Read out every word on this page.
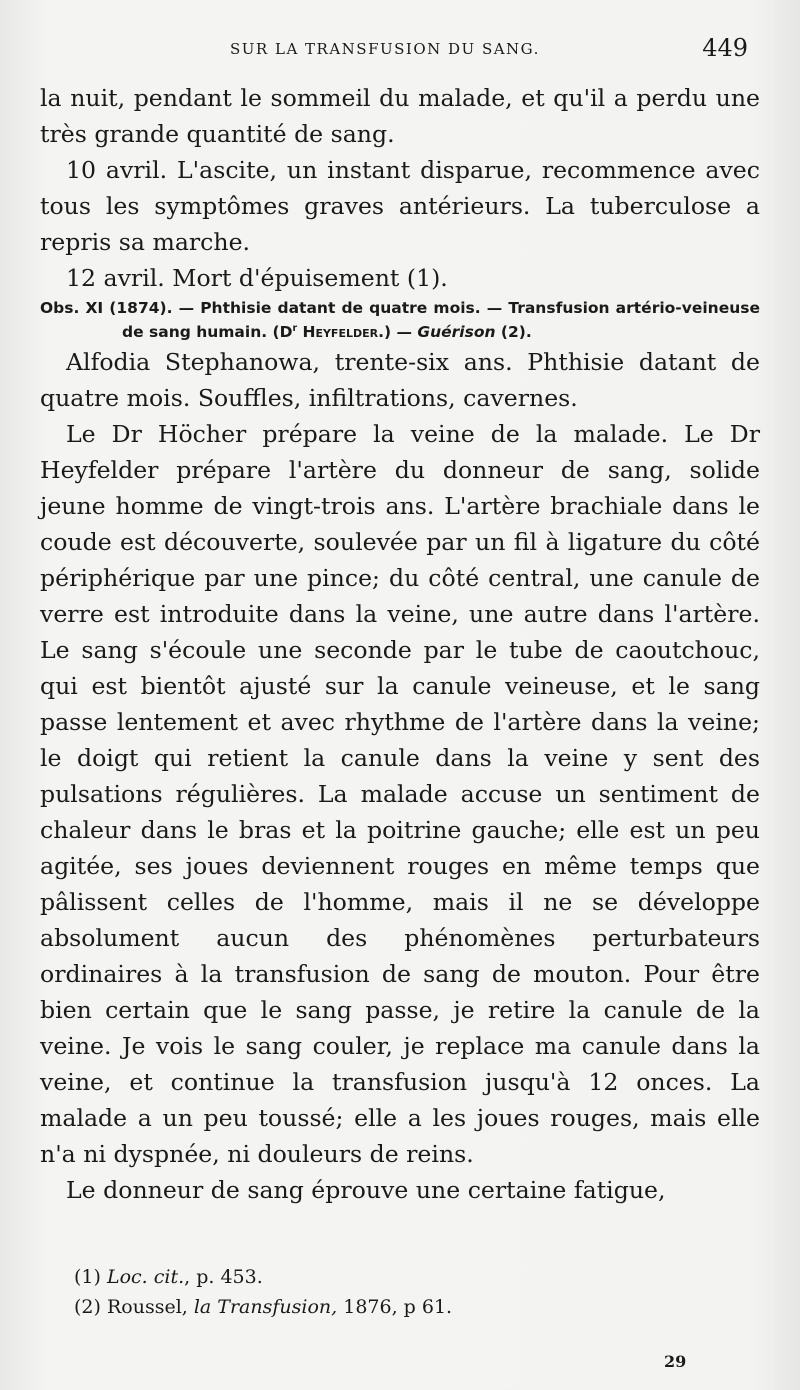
SUR LA TRANSFUSION DU SANG.	449

la nuit, pendant le sommeil du malade, et qu'il a perdu une très grande quantité de sang.

10 avril. L'ascite, un instant disparue, recommence avec tous les symptômes graves antérieurs. La tuberculose a repris sa marche.

12 avril. Mort d'épuisement (1).

Obs. XI (1874). — Phthisie datant de quatre mois. — Transfusion artério-veineuse de sang humain. ($D^r$ Heyfelder.) — Guérison (2).

Alfodia Stephanowa, trente-six ans. Phthisie datant de quatre mois. Souffles, infiltrations, cavernes.

Le Dr Höcher prépare la veine de la malade. Le Dr Heyfelder prépare l'artère du donneur de sang, solide jeune homme de vingt-trois ans. L'artère brachiale dans le coude est découverte, soulevée par un fil à ligature du côté périphérique par une pince; du côté central, une canule de verre est introduite dans la veine, une autre dans l'artère. Le sang s'écoule une seconde par le tube de caoutchouc, qui est bientôt ajusté sur la canule veineuse, et le sang passe lentement et avec rhythme de l'artère dans la veine; le doigt qui retient la canule dans la veine y sent des pulsations régulières. La malade accuse un sentiment de chaleur dans le bras et la poitrine gauche; elle est un peu agitée, ses joues deviennent rouges en même temps que pâlissent celles de l'homme, mais il ne se développe absolument aucun des phénomènes perturbateurs ordinaires à la transfusion de sang de mouton. Pour être bien certain que le sang passe, je retire la canule de la veine. Je vois le sang couler, je replace ma canule dans la veine, et continue la transfusion jusqu'à 12 onces. La malade a un peu toussé; elle a les joues rouges, mais elle n'a ni dyspnée, ni douleurs de reins.

Le donneur de sang éprouve une certaine fatigue,

(1) Loc. cit., p. 453.

(2) Roussel, la Transfusion, 1876, p 61.

29
